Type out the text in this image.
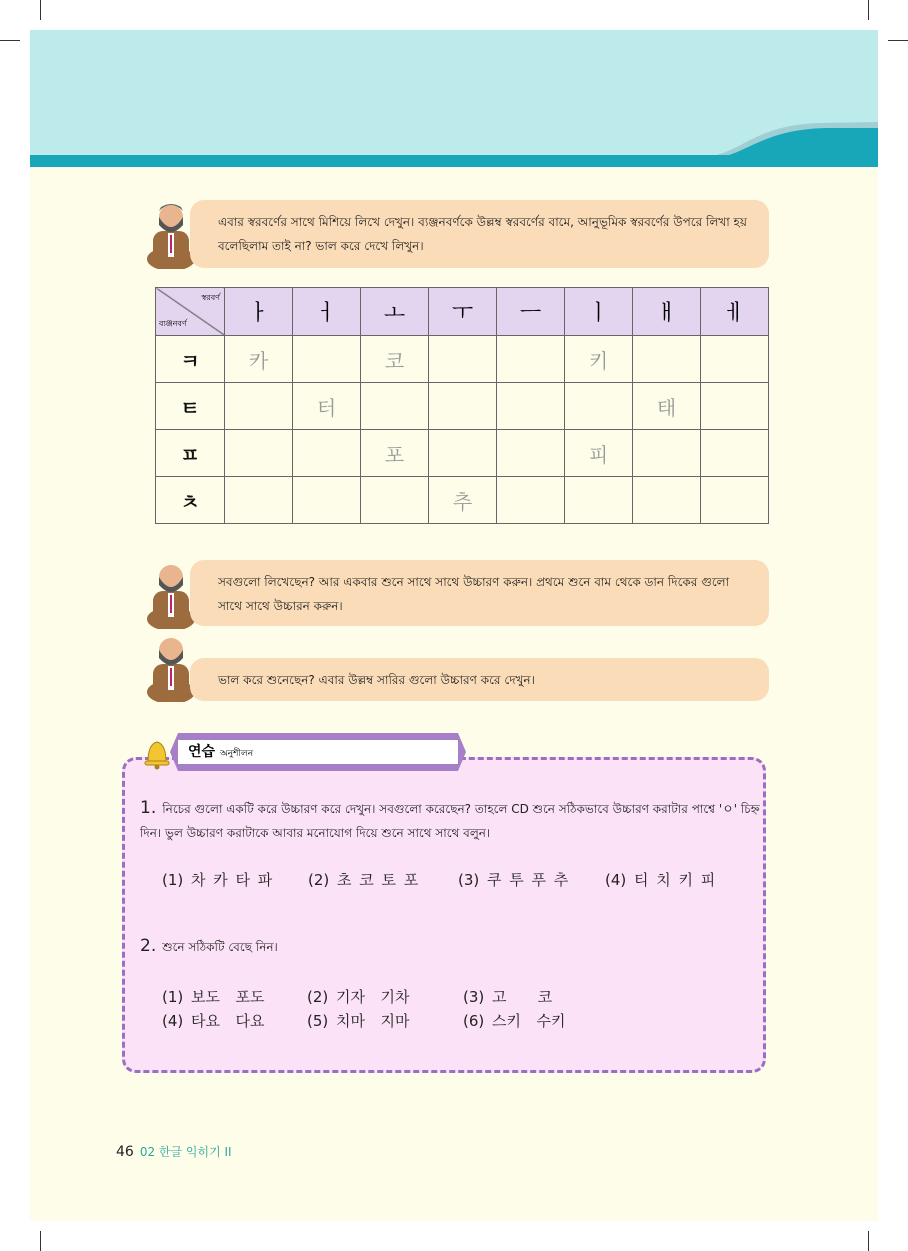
এবার স্বরবর্ণের সাথে মিশিয়ে লিখে দেখুন। ব্যঞ্জনবর্ণকে উল্লম্ব স্বরবর্ণের বামে, আনুভূমিক স্বরবর্ণের উপরে লিখা হয় বলেছিলাম তাই না? ভাল করে দেখে লিখুন।
স্বরবর্ণ
ব্যঞ্জনবর্ণ	ㅏ	ㅓ	ㅗ	ㅜ	ㅡ	ㅣ	ㅐ	ㅔ
ㅋ	카		코			키		
ㅌ		터					태	
ㅍ			포			피		
ㅊ				추				
সবগুলো লিখেছেন? আর একবার শুনে সাথে সাথে উচ্চারণ করুন। প্রথমে শুনে বাম থেকে ডান দিকের গুলো সাথে সাথে উচ্চারন করুন।
ভাল করে শুনেছেন? এবার উল্লম্ব সারির গুলো উচ্চারণ করে দেখুন।
연습 অনুশীলন
1. নিচের গুলো একটি করে উচ্চারণ করে দেখুন। সবগুলো করেছেন? তাহলে CD শুনে সঠিকভাবে উচ্চারণ করাটার পাশ্বে 'ㅇ' চিহ্ন দিন। ভুল উচ্চারণ করাটাকে আবার মনোযোগ দিয়ে শুনে সাথে সাথে বলুন।
(1) 차 카 타 파 (2) 초 코 토 포	(3) 쿠 투 푸 추 (4) 티 치 키 피
2. শুনে সঠিকটি বেছে নিন।
(1) 보도  포도	(2) 기자  기차	(3) 고    코
(4) 타요  다요	(5) 치마  지마	(6) 스키  수키
46 02 한글 익히기 II
